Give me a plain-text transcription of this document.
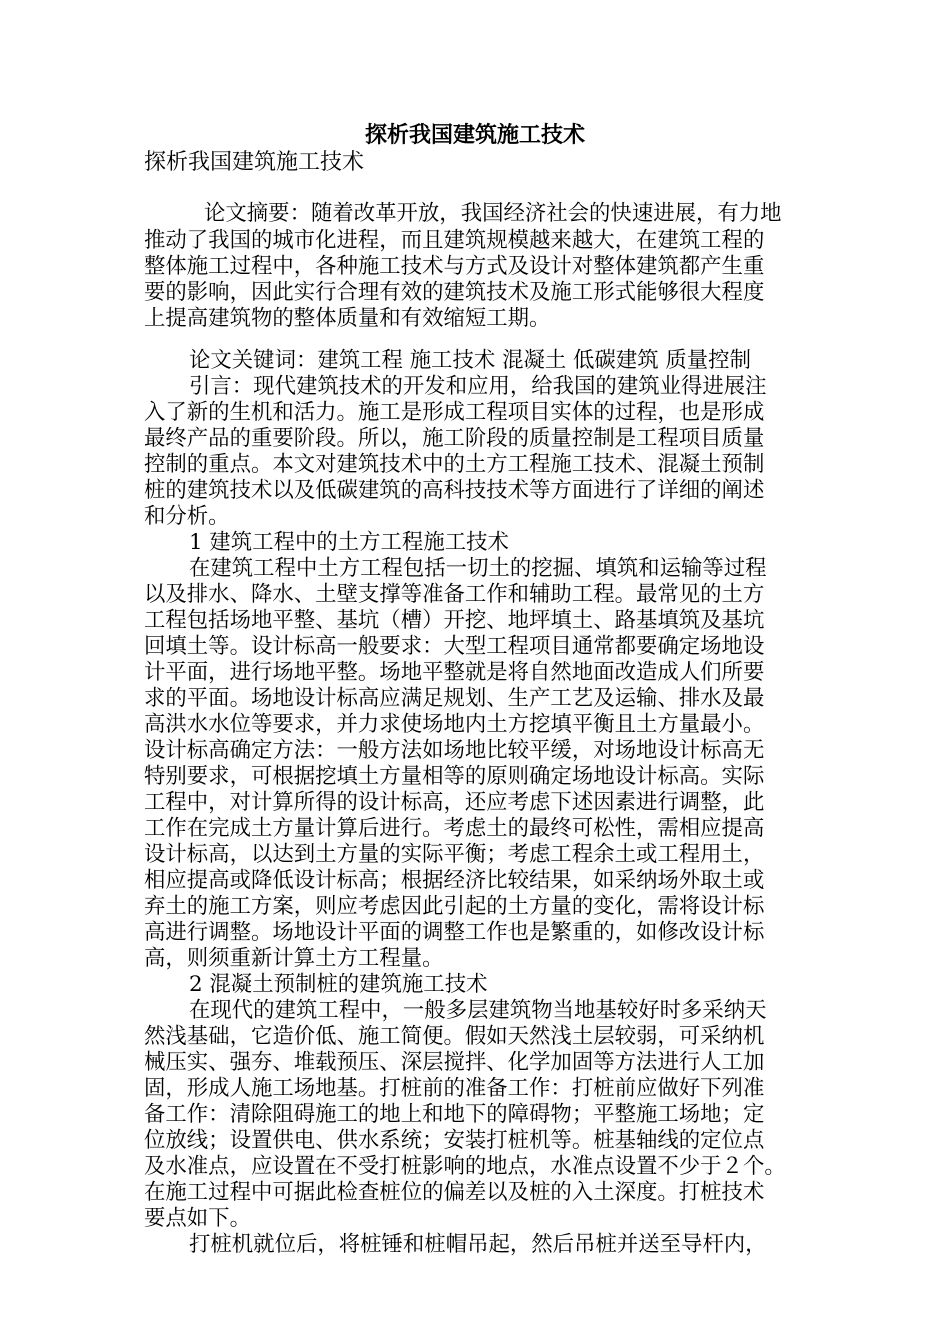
探析我国建筑施工技术
探析我国建筑施工技术
论文摘要：随着改革开放，我国经济社会的快速进展，有力地
推动了我国的城市化进程，而且建筑规模越来越大，在建筑工程的
整体施工过程中，各种施工技术与方式及设计对整体建筑都产生重
要的影响，因此实行合理有效的建筑技术及施工形式能够很大程度
上提高建筑物的整体质量和有效缩短工期。
论文关键词：建筑工程 施工技术 混凝土 低碳建筑 质量控制
引言：现代建筑技术的开发和应用，给我国的建筑业得进展注
入了新的生机和活力。施工是形成工程项目实体的过程，也是形成
最终产品的重要阶段。所以，施工阶段的质量控制是工程项目质量
控制的重点。本文对建筑技术中的土方工程施工技术、混凝土预制
桩的建筑技术以及低碳建筑的高科技技术等方面进行了详细的阐述
和分析。
1 建筑工程中的土方工程施工技术
在建筑工程中土方工程包括一切土的挖掘、填筑和运输等过程
以及排水、降水、土壁支撑等准备工作和辅助工程。最常见的土方
工程包括场地平整、基坑（槽）开挖、地坪填土、路基填筑及基坑
回填土等。设计标高一般要求：大型工程项目通常都要确定场地设
计平面，进行场地平整。场地平整就是将自然地面改造成人们所要
求的平面。场地设计标高应满足规划、生产工艺及运输、排水及最
高洪水水位等要求，并力求使场地内土方挖填平衡且土方量最小。
设计标高确定方法：一般方法如场地比较平缓，对场地设计标高无
特别要求，可根据挖填土方量相等的原则确定场地设计标高。实际
工程中，对计算所得的设计标高，还应考虑下述因素进行调整，此
工作在完成土方量计算后进行。考虑土的最终可松性，需相应提高
设计标高，以达到土方量的实际平衡；考虑工程余土或工程用土，
相应提高或降低设计标高；根据经济比较结果，如采纳场外取土或
弃土的施工方案，则应考虑因此引起的土方量的变化，需将设计标
高进行调整。场地设计平面的调整工作也是繁重的，如修改设计标
高，则须重新计算土方工程量。
2 混凝土预制桩的建筑施工技术
在现代的建筑工程中，一般多层建筑物当地基较好时多采纳天
然浅基础，它造价低、施工简便。假如天然浅土层较弱，可采纳机
械压实、强夯、堆载预压、深层搅拌、化学加固等方法进行人工加
固，形成人施工场地基。打桩前的准备工作：打桩前应做好下列准
备工作：清除阻碍施工的地上和地下的障碍物；平整施工场地；定
位放线；设置供电、供水系统；安装打桩机等。桩基轴线的定位点
及水准点，应设置在不受打桩影响的地点，水准点设置不少于２个。
在施工过程中可据此检查桩位的偏差以及桩的入土深度。打桩技术
要点如下。
打桩机就位后，将桩锤和桩帽吊起，然后吊桩并送至导杆内，
